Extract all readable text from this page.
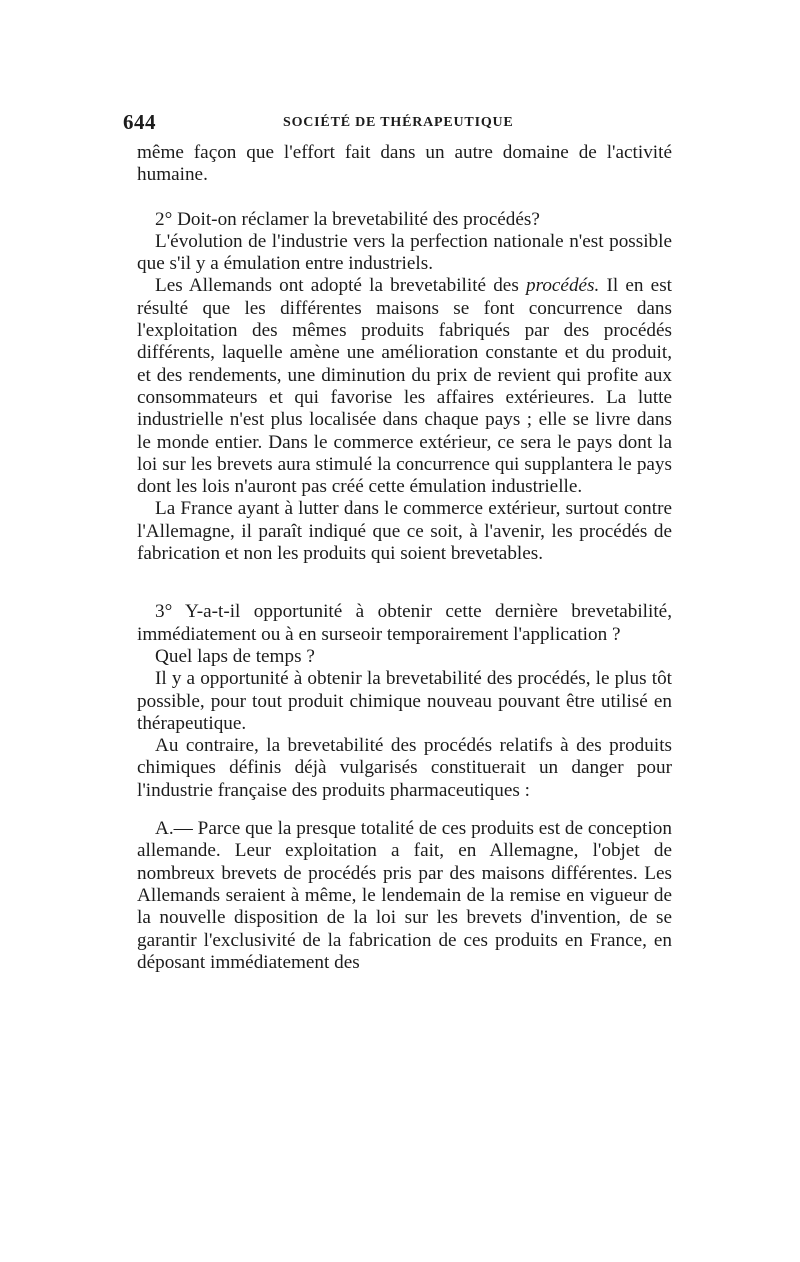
644	SOCIÉTÉ DE THÉRAPEUTIQUE

même façon que l'effort fait dans un autre domaine de l'activité humaine.

2° Doit-on réclamer la brevetabilité des procédés?

L'évolution de l'industrie vers la perfection nationale n'est possible que s'il y a émulation entre industriels.

Les Allemands ont adopté la brevetabilité des procédés. Il en est résulté que les différentes maisons se font concurrence dans l'exploitation des mêmes produits fabriqués par des procédés différents, laquelle amène une amélioration constante et du produit, et des rendements, une diminution du prix de revient qui profite aux consommateurs et qui favorise les affaires extérieures. La lutte industrielle n'est plus localisée dans chaque pays ; elle se livre dans le monde entier. Dans le commerce extérieur, ce sera le pays dont la loi sur les brevets aura stimulé la concurrence qui supplantera le pays dont les lois n'auront pas créé cette émulation industrielle.

La France ayant à lutter dans le commerce extérieur, surtout contre l'Allemagne, il paraît indiqué que ce soit, à l'avenir, les procédés de fabrication et non les produits qui soient brevetables.

3° Y-a-t-il opportunité à obtenir cette dernière brevetabilité, immédiatement ou à en surseoir temporairement l'application ?

Quel laps de temps ?

Il y a opportunité à obtenir la brevetabilité des procédés, le plus tôt possible, pour tout produit chimique nouveau pouvant être utilisé en thérapeutique.

Au contraire, la brevetabilité des procédés relatifs à des produits chimiques définis déjà vulgarisés constituerait un danger pour l'industrie française des produits pharmaceutiques :

A.— Parce que la presque totalité de ces produits est de conception allemande. Leur exploitation a fait, en Allemagne, l'objet de nombreux brevets de procédés pris par des maisons différentes. Les Allemands seraient à même, le lendemain de la remise en vigueur de la nouvelle disposition de la loi sur les brevets d'invention, de se garantir l'exclusivité de la fabrication de ces produits en France, en déposant immédiatement des
